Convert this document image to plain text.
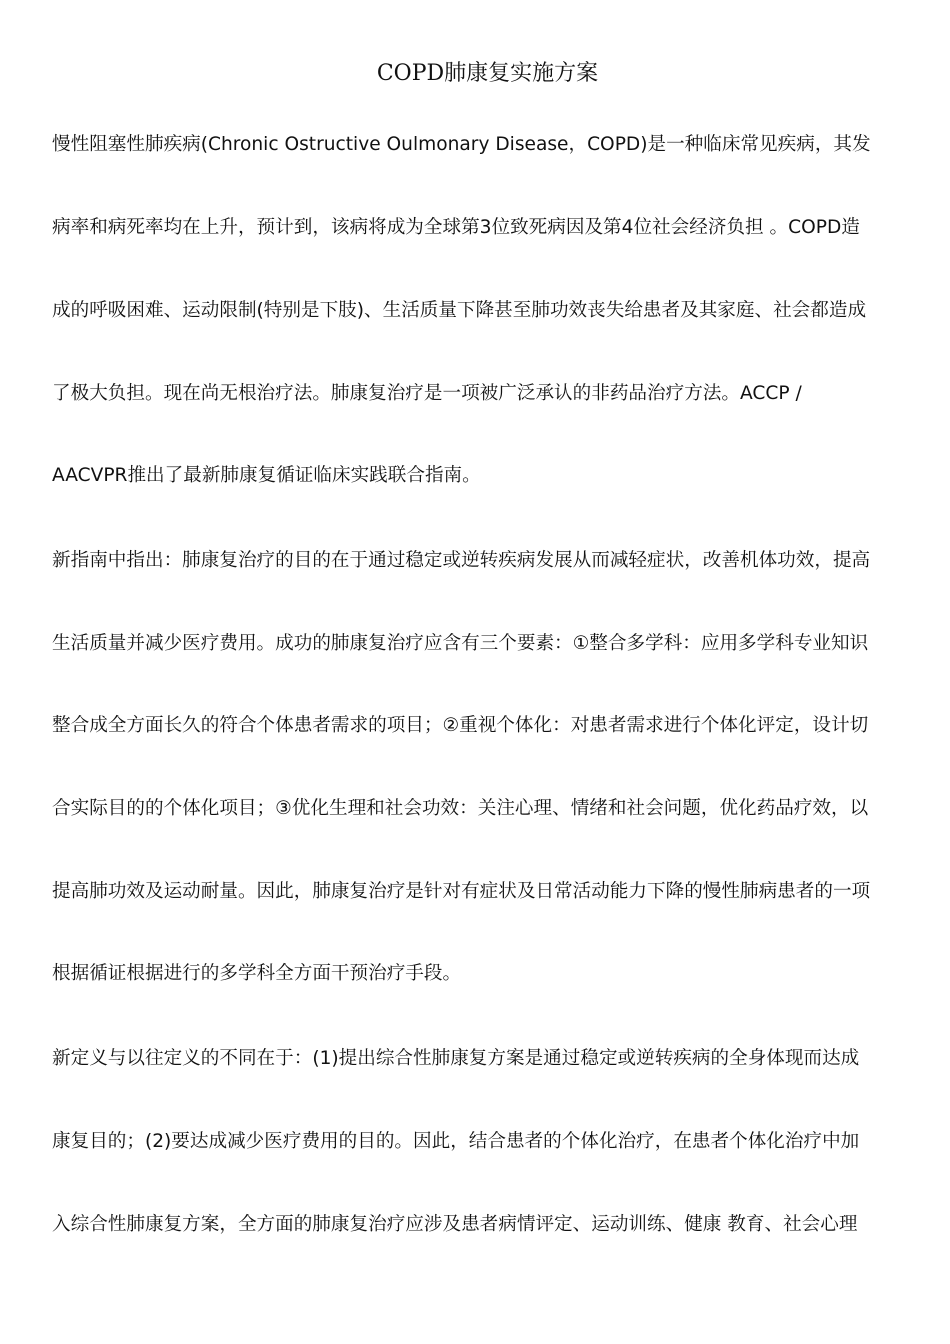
COPD肺康复实施方案
慢性阻塞性肺疾病(Chronic Ostructive Oulmonary Disease，COPD)是一种临床常见疾病，其发
病率和病死率均在上升，预计到，该病将成为全球第3位致死病因及第4位社会经济负担 。COPD造
成的呼吸困难、运动限制(特别是下肢)、生活质量下降甚至肺功效丧失给患者及其家庭、社会都造成
了极大负担。现在尚无根治疗法。肺康复治疗是一项被广泛承认的非药品治疗方法。ACCP /
AACVPR推出了最新肺康复循证临床实践联合指南。
新指南中指出：肺康复治疗的目的在于通过稳定或逆转疾病发展从而减轻症状，改善机体功效，提高
生活质量并减少医疗费用。成功的肺康复治疗应含有三个要素：①整合多学科：应用多学科专业知识
整合成全方面长久的符合个体患者需求的项目；②重视个体化：对患者需求进行个体化评定，设计切
合实际目的的个体化项目；③优化生理和社会功效：关注心理、情绪和社会问题，优化药品疗效，以
提高肺功效及运动耐量。因此，肺康复治疗是针对有症状及日常活动能力下降的慢性肺病患者的一项
根据循证根据进行的多学科全方面干预治疗手段。
新定义与以往定义的不同在于：(1)提出综合性肺康复方案是通过稳定或逆转疾病的全身体现而达成
康复目的；(2)要达成减少医疗费用的目的。因此，结合患者的个体化治疗，在患者个体化治疗中加
入综合性肺康复方案，全方面的肺康复治疗应涉及患者病情评定、运动训练、健康 教育、社会心理
